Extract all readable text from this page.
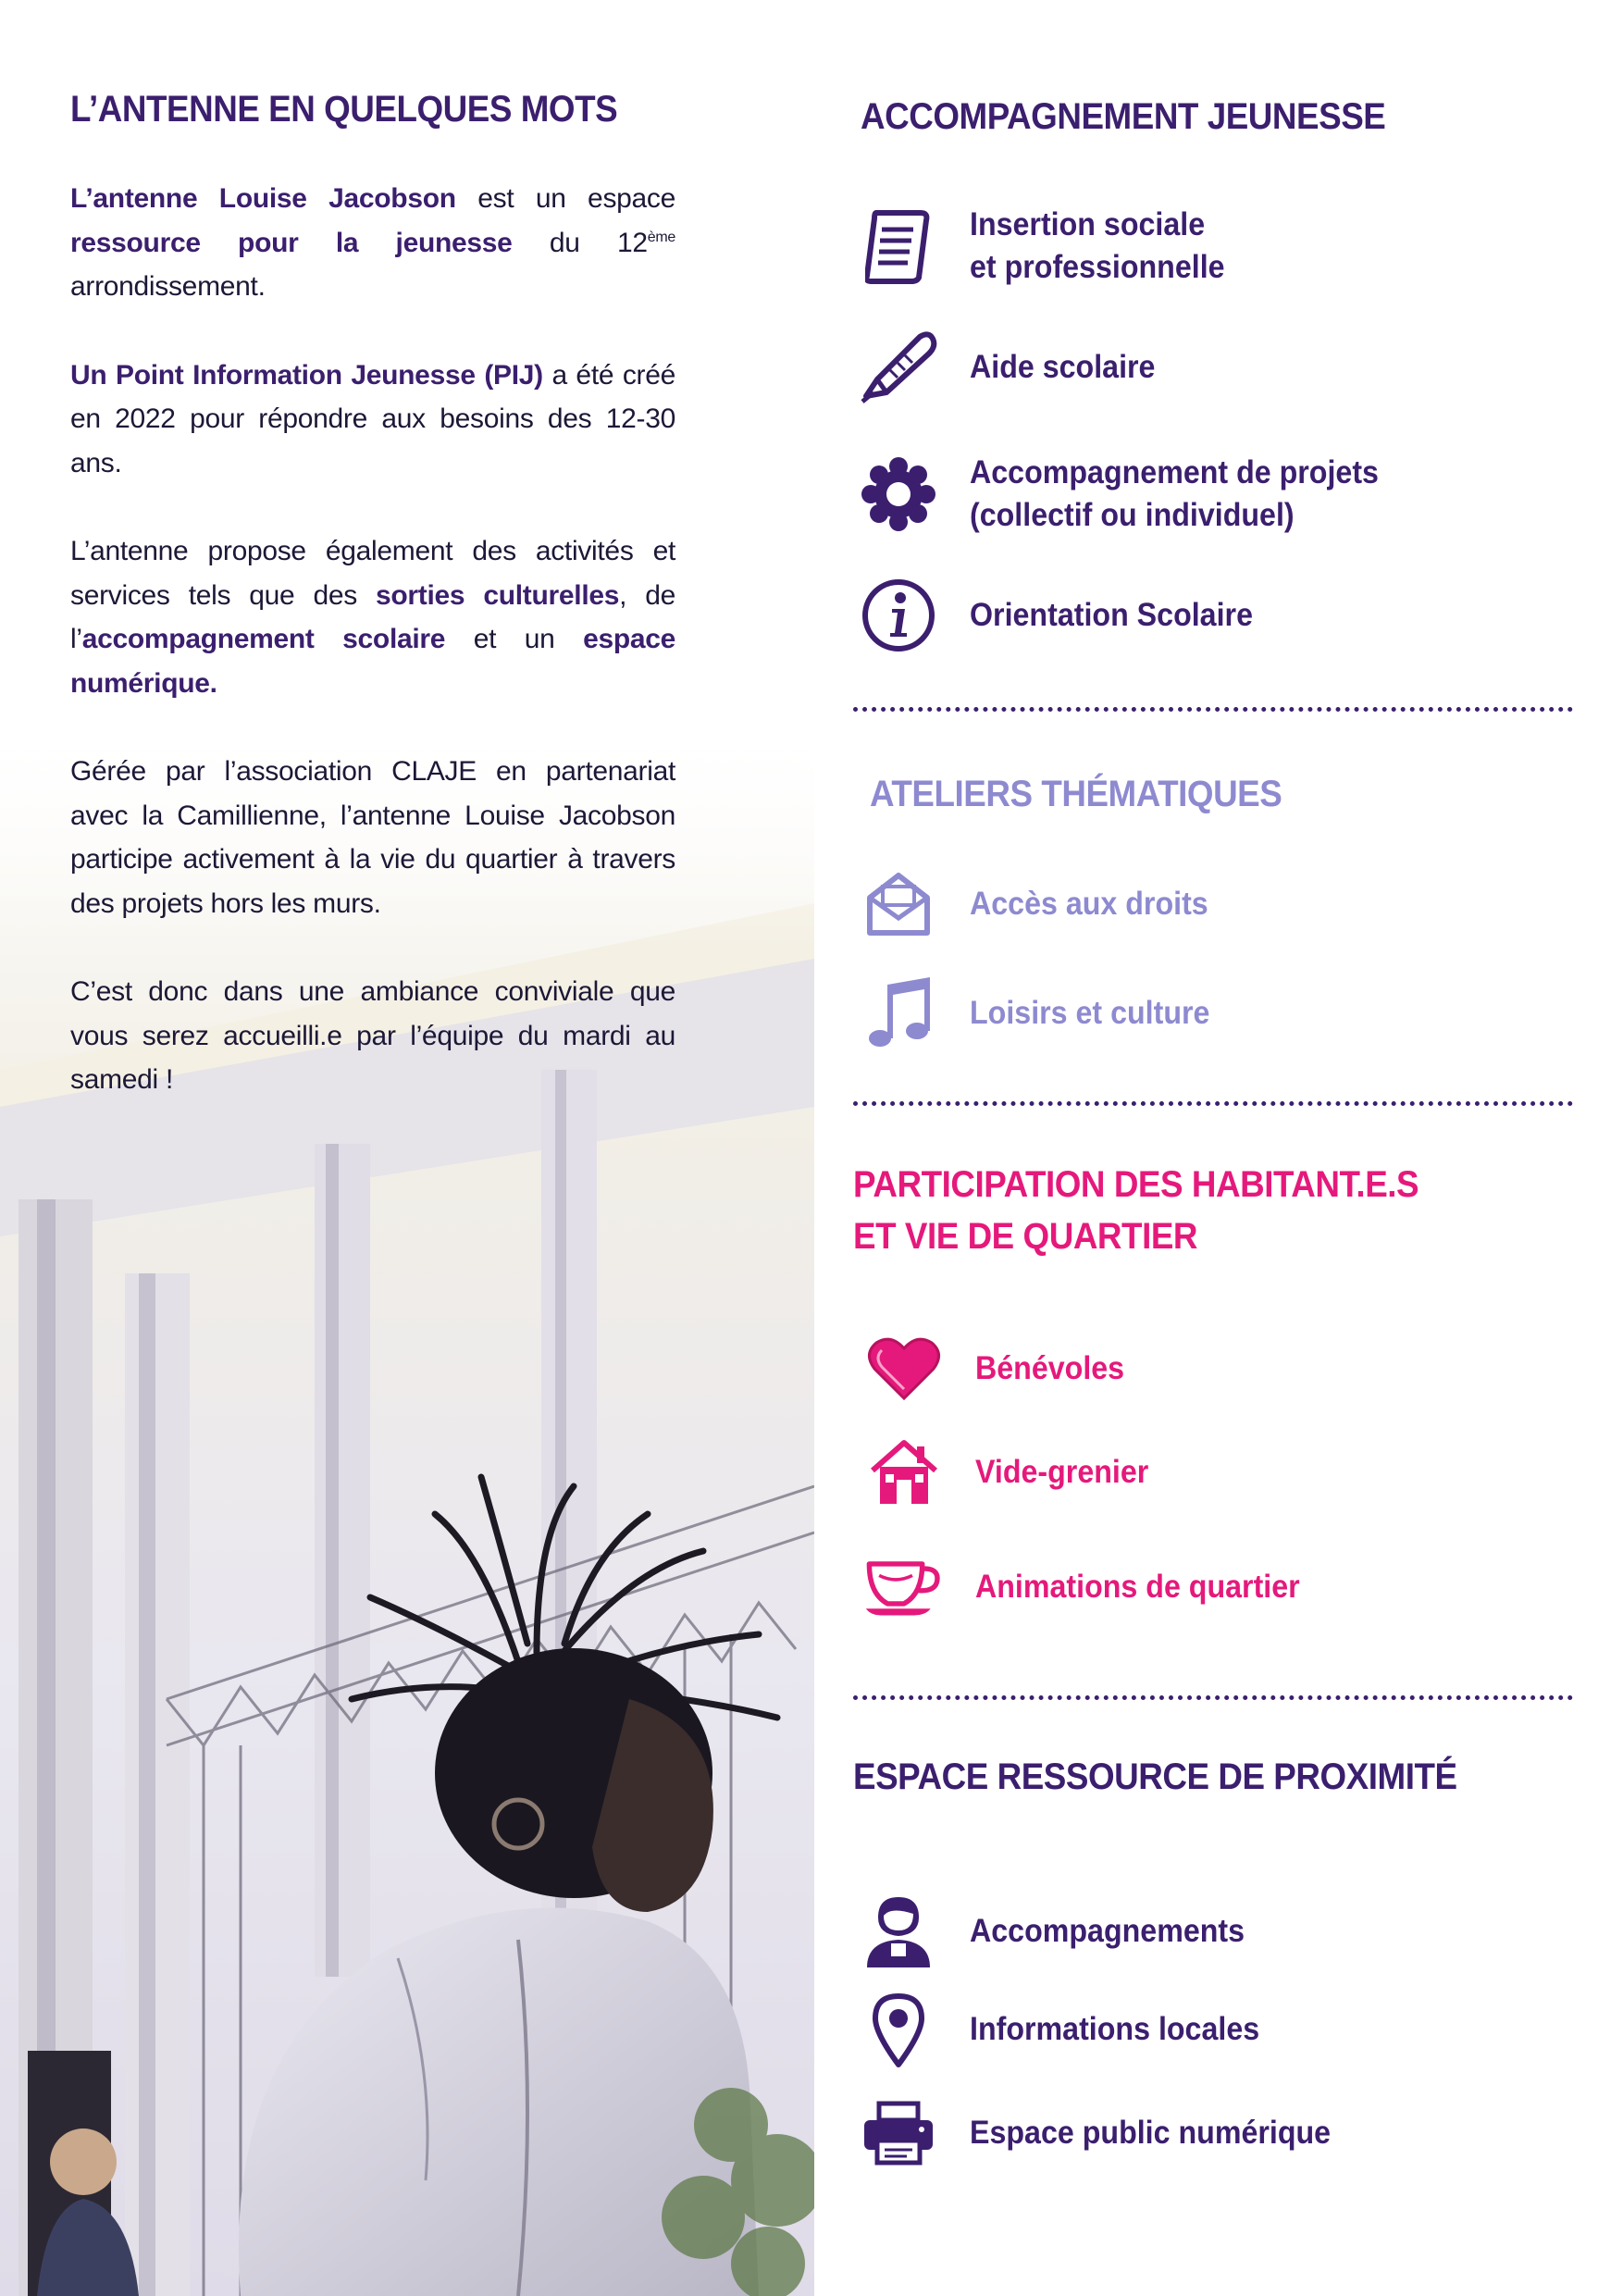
L’ANTENNE EN QUELQUES MOTS

L’antenne Louise Jacobson est un espace ressource pour la jeunesse du 12ème arrondissement.

Un Point Information Jeunesse (PIJ) a été créé en 2022 pour répondre aux besoins des 12-30 ans.

L’antenne propose également des activités et services tels que des sorties culturelles, de l’accompagnement scolaire et un espace numérique.

Gérée par l’association CLAJE en partenariat avec la Camillienne, l’antenne Louise Jacobson participe activement à la vie du quartier à travers des projets hors les murs.

C’est donc dans une ambiance conviviale que vous serez accueilli.e par l’équipe du mardi au samedi !

ACCOMPAGNEMENT JEUNESSE
Insertion sociale
et professionnelle
Aide scolaire
Accompagnement de projets
(collectif ou individuel)
Orientation Scolaire
ATELIERS THÉMATIQUES
Accès aux droits
Loisirs et culture
PARTICIPATION DES HABITANT.E.S
ET VIE DE QUARTIER
Bénévoles
Vide-grenier
Animations de quartier
ESPACE RESSOURCE DE PROXIMITÉ
Accompagnements
Informations locales
Espace public numérique
